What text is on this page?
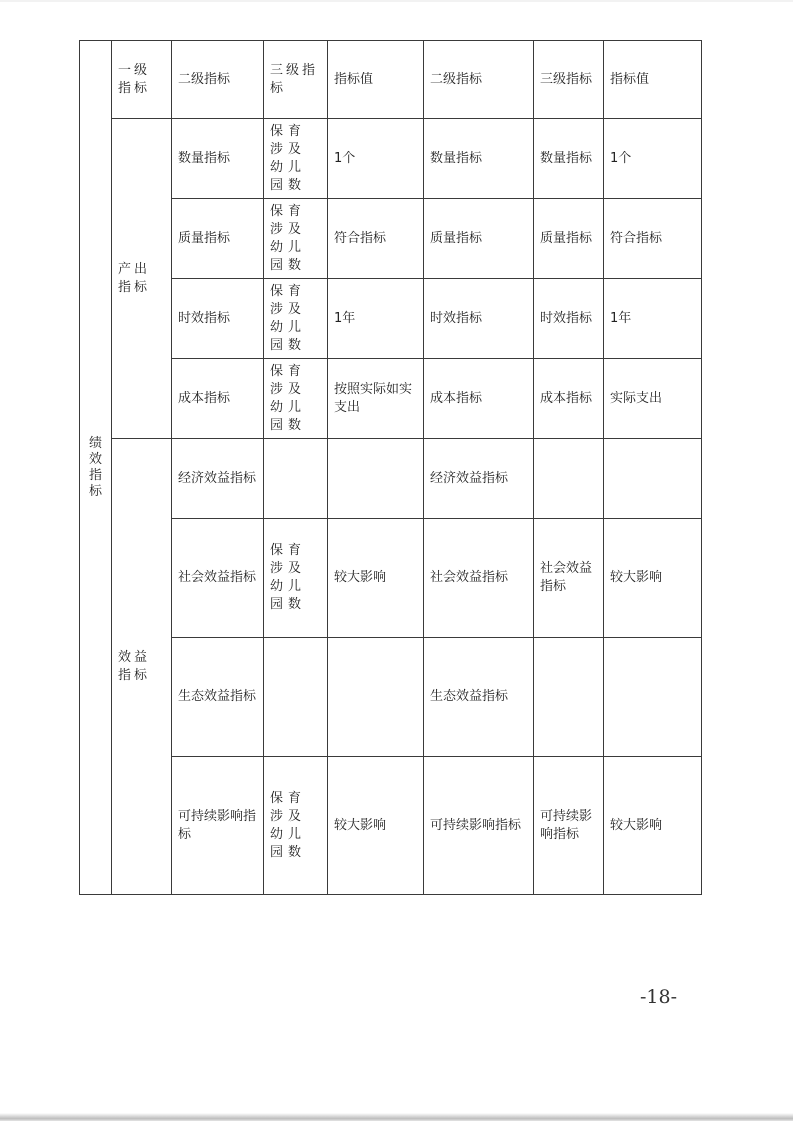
绩效指标	一级指标	二级指标	三级指标	指标值	二级指标	三级指标	指标值
	产出指标	数量指标	保育涉及幼儿园数	1个	数量指标	数量指标	1个
		质量指标	保育涉及幼儿园数	符合指标	质量指标	质量指标	符合指标
		时效指标	保育涉及幼儿园数	1年	时效指标	时效指标	1年
		成本指标	保育涉及幼儿园数	按照实际如实支出	成本指标	成本指标	实际支出
	效益指标	经济效益指标			经济效益指标		
		社会效益指标	保育涉及幼儿园数	较大影响	社会效益指标	社会效益指标	较大影响
		生态效益指标			生态效益指标		
		可持续影响指标	保育涉及幼儿园数	较大影响	可持续影响指标	可持续影响指标	较大影响
-18-
